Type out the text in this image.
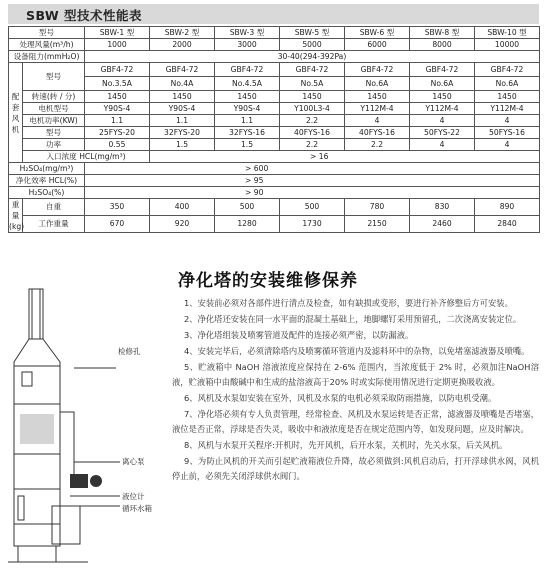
SBW 型技术性能表
型号		SBW-1 型	SBW-2 型	SBW-3 型	SBW-5 型	SBW-6 型	SBW-8 型	SBW-10 型
处理风量(m³/h)		1000	2000	3000	5000	6000	8000	10000
设备阻力(mmH₂O)		30-40(294-392Pa)						
配套风机	型号	GBF4-72	GBF4-72	GBF4-72	GBF4-72	GBF4-72	GBF4-72	GBF4-72
		No.3.5A	No.4A	No.4.5A	No.5A	No.6A	No.6A	No.6A
	转速(转 / 分)	1450	1450	1450	1450	1450	1450	1450
	电机型号	Y90S-4	Y90S-4	Y90S-4	Y100L3-4	Y112M-4	Y112M-4	Y112M-4
	电机功率(KW)	1.1	1.1	1.1	2.2	4	4	4
	型号	25FYS-20	32FYS-20	32FYS-16	40FYS-16	40FYS-16	50FYS-22	50FYS-16
	功率	0.55	1.5	1.5	2.2	2.2	4	4
	入口浓度 HCL(mg/m³)		> 16					
H₂SO₄(mg/m³)		> 600						
净化效率 HCL(%)		> 95						
H₂SO₄(%)		> 90						
重量(kg)	自重	350	400	500	500	780	830	890
	工作重量	670	920	1280	1730	2150	2460	2840
净化塔的安装维修保养
检修孔
离心泵
液位计
循环水箱

1、安装前必须对各部件进行清点及检查，如有缺损或变形，要进行补齐修整后方可安装。

2、净化塔还安装在同一水平面的混凝土基础上，地脚螺钉采用预留孔，二次浇离安装定位。

3、净化塔组装及喷雾管道及配件的连接必须严密，以防漏液。

4、安装完毕后，必须清除塔内及喷雾循环管道内及滤料环中的杂物，以免堵塞滤液器及喷嘴。

5、贮液箱中 NaOH 溶液浓度应保持在 2-6% 范围内，当浓度低于 2% 时，必须加注NaOH溶液，贮液箱中由酸碱中和生成的盐溶液高于20% 时或实际使用情况进行定期更换吸收液。

6、风机及水泵如安装在室外，风机及水泵的电机必须采取防雨措施，以防电机受潮。

7、净化塔必须有专人负责管理，经常检查、风机及水泵运转是否正常，滤液器及喷嘴是否堵塞，液位是否正常，浮球是否失灵，吸收中和液浓度是否在规定范围内等，如发现问题，应及时解决。

8、风机与水泵开关程序:开机时，先开风机，后开水泵，关机时，先关水泵，后关风机。

9、为防止风机的开关而引起贮液箱液位升降，故必须做到:风机启动后，打开浮球供水阀，风机停止前，必须先关闭浮球供水阀门。
